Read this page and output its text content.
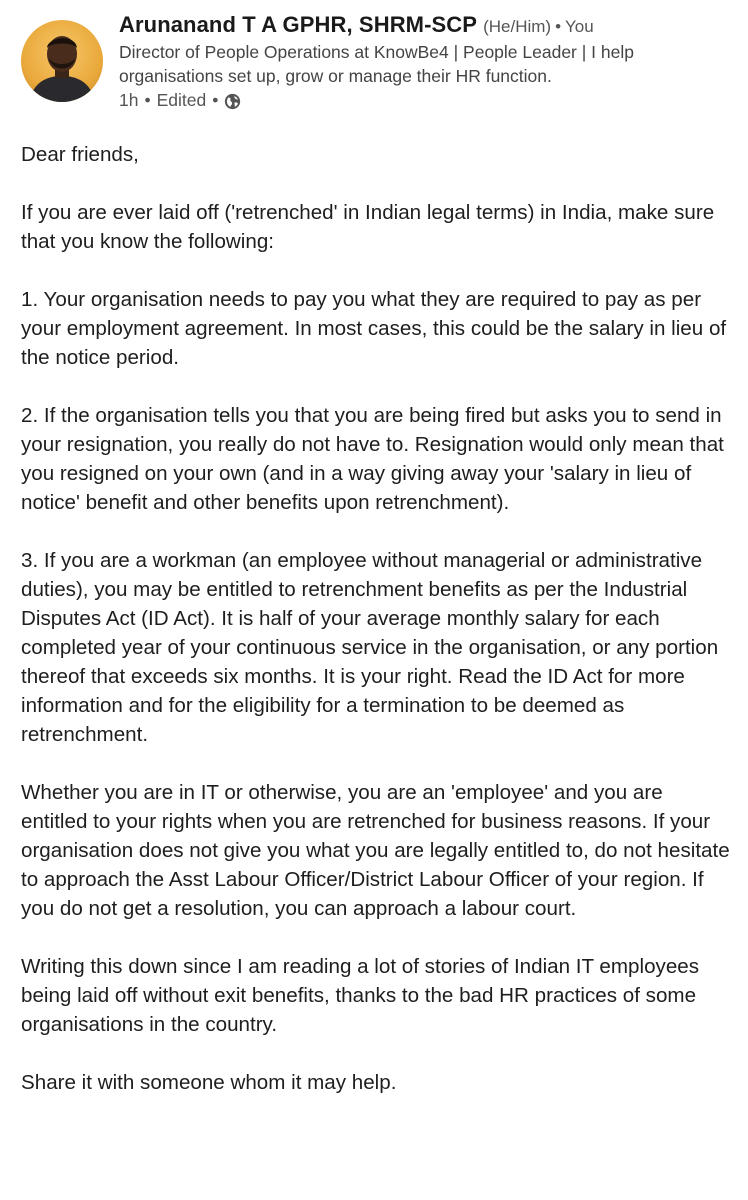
Arunanand T A GPHR, SHRM-SCP (He/Him) • You
Director of People Operations at KnowBe4 | People Leader | I help organisations set up, grow or manage their HR function.
1h • Edited •

Dear friends,

If you are ever laid off ('retrenched' in Indian legal terms) in India, make sure that you know the following:

1. Your organisation needs to pay you what they are required to pay as per your employment agreement. In most cases, this could be the salary in lieu of the notice period.

2. If the organisation tells you that you are being fired but asks you to send in your resignation, you really do not have to. Resignation would only mean that you resigned on your own (and in a way giving away your 'salary in lieu of notice' benefit and other benefits upon retrenchment).

3. If you are a workman (an employee without managerial or administrative duties), you may be entitled to retrenchment benefits as per the Industrial Disputes Act (ID Act). It is half of your average monthly salary for each completed year of your continuous service in the organisation, or any portion thereof that exceeds six months. It is your right. Read the ID Act for more information and for the eligibility for a termination to be deemed as retrenchment.

Whether you are in IT or otherwise, you are an 'employee' and you are entitled to your rights when you are retrenched for business reasons. If your organisation does not give you what you are legally entitled to, do not hesitate to approach the Asst Labour Officer/District Labour Officer of your region. If you do not get a resolution, you can approach a labour court.

Writing this down since I am reading a lot of stories of Indian IT employees being laid off without exit benefits, thanks to the bad HR practices of some organisations in the country.

Share it with someone whom it may help.
